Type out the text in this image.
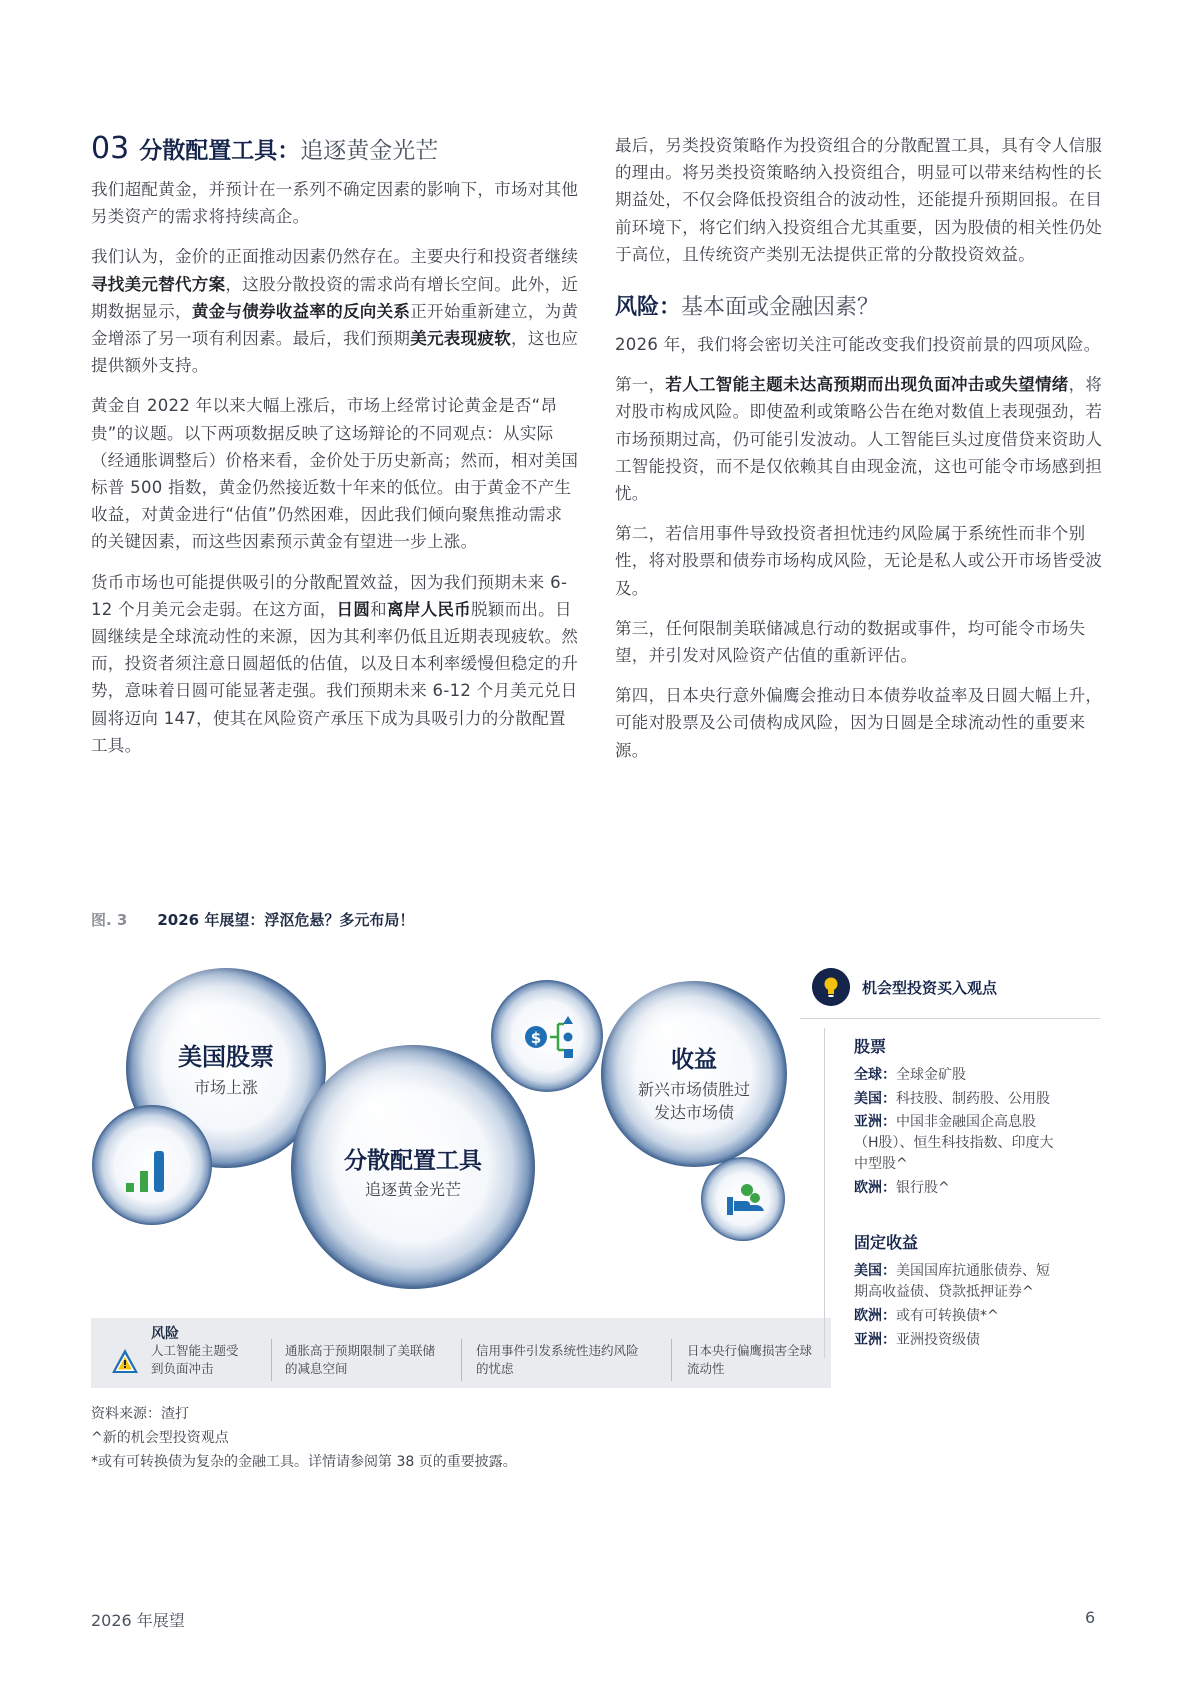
03 分散配置工具：追逐黄金光芒

我们超配黄金，并预计在一系列不确定因素的影响下，市场对其他另类资产的需求将持续高企。

我们认为，金价的正面推动因素仍然存在。主要央行和投资者继续寻找美元替代方案，这股分散投资的需求尚有增长空间。此外，近期数据显示，黄金与债券收益率的反向关系正开始重新建立，为黄金增添了另一项有利因素。最后，我们预期美元表现疲软，这也应提供额外支持。

黄金自 2022 年以来大幅上涨后，市场上经常讨论黄金是否“昂贵”的议题。以下两项数据反映了这场辩论的不同观点：从实际（经通胀调整后）价格来看，金价处于历史新高；然而，相对美国标普 500 指数，黄金仍然接近数十年来的低位。由于黄金不产生收益，对黄金进行“估值”仍然困难，因此我们倾向聚焦推动需求的关键因素，而这些因素预示黄金有望进一步上涨。

货币市场也可能提供吸引的分散配置效益，因为我们预期未来 6-12 个月美元会走弱。在这方面，日圆和离岸人民币脱颖而出。日圆继续是全球流动性的来源，因为其利率仍低且近期表现疲软。然而，投资者须注意日圆超低的估值，以及日本利率缓慢但稳定的升势，意味着日圆可能显著走强。我们预期未来 6-12 个月美元兑日圆将迈向 147，使其在风险资产承压下成为具吸引力的分散配置工具。

最后，另类投资策略作为投资组合的分散配置工具，具有令人信服的理由。将另类投资策略纳入投资组合，明显可以带来结构性的长期益处，不仅会降低投资组合的波动性，还能提升预期回报。在目前环境下，将它们纳入投资组合尤其重要，因为股债的相关性仍处于高位，且传统资产类别无法提供正常的分散投资效益。

风险：基本面或金融因素？

2026 年，我们将会密切关注可能改变我们投资前景的四项风险。

第一，若人工智能主题未达高预期而出现负面冲击或失望情绪，将对股市构成风险。即使盈利或策略公告在绝对数值上表现强劲，若市场预期过高，仍可能引发波动。人工智能巨头过度借贷来资助人工智能投资，而不是仅依赖其自由现金流，这也可能令市场感到担忧。

第二，若信用事件导致投资者担忧违约风险属于系统性而非个别性，将对股票和债券市场构成风险，无论是私人或公开市场皆受波及。

第三，任何限制美联储减息行动的数据或事件，均可能令市场失望，并引发对风险资产估值的重新评估。

第四，日本央行意外偏鹰会推动日本债券收益率及日圆大幅上升，可能对股票及公司债构成风险，因为日圆是全球流动性的重要来源。

图. 3 2026 年展望：浮沤危悬？多元布局！
美国股票
市场上涨
分散配置工具
追逐黄金光芒
$
收益
新兴市场债胜过
发达市场债
风险
人工智能主题受
到负面冲击
通胀高于预期限制了美联储
的减息空间
信用事件引发系统性违约风险
的忧虑
日本央行偏鹰损害全球
流动性
资料来源：渣打
^新的机会型投资观点
*或有可转换债为复杂的金融工具。详情请参阅第 38 页的重要披露。
机会型投资买入观点
股票
全球：全球金矿股
美国：科技股、制药股、公用股
亚洲：中国非金融国企高息股
（H股）、恒生科技指数、印度大
中型股^
欧洲：银行股^
固定收益
美国：美国国库抗通胀债券、短
期高收益债、贷款抵押证券^
欧洲：或有可转换债*^
亚洲：亚洲投资级债
2026 年展望	6
